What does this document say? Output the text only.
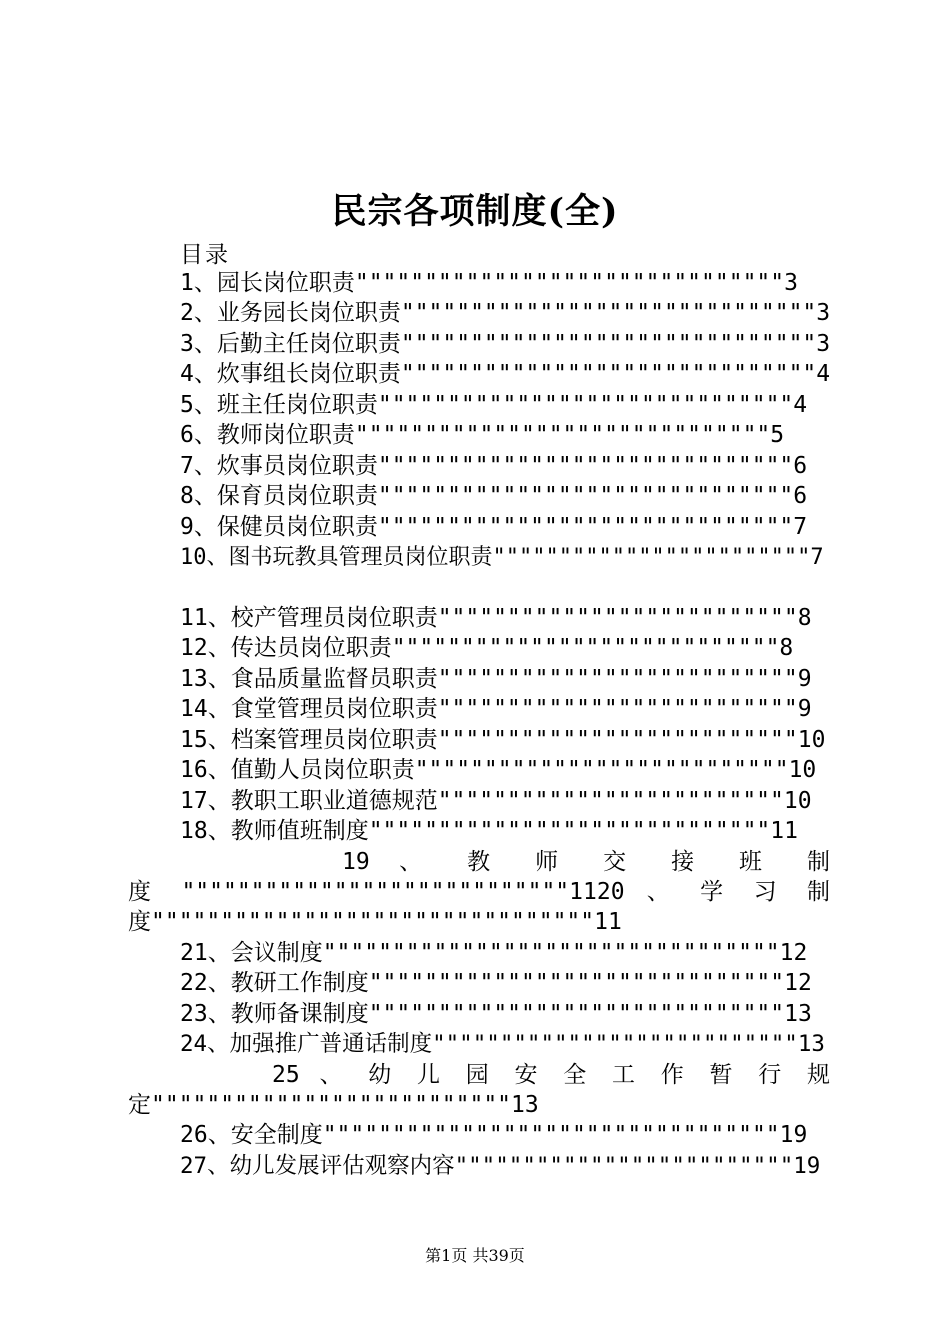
民宗各项制度(全)
目录
1、园长岗位职责"""""""""""""""""""""""""""""""3
2、业务园长岗位职责""""""""""""""""""""""""""""""3
3、后勤主任岗位职责""""""""""""""""""""""""""""""3
4、炊事组长岗位职责""""""""""""""""""""""""""""""4
5、班主任岗位职责""""""""""""""""""""""""""""""4
6、教师岗位职责""""""""""""""""""""""""""""""5
7、炊事员岗位职责""""""""""""""""""""""""""""""6
8、保育员岗位职责""""""""""""""""""""""""""""""6
9、保健员岗位职责""""""""""""""""""""""""""""""7
10、图书玩教具管理员岗位职责""""""""""""""""""""""""7
11、校产管理员岗位职责""""""""""""""""""""""""""8
12、传达员岗位职责""""""""""""""""""""""""""""8
13、食品质量监督员职责""""""""""""""""""""""""""9
14、食堂管理员岗位职责""""""""""""""""""""""""""9
15、档案管理员岗位职责""""""""""""""""""""""""""10
16、值勤人员岗位职责"""""""""""""""""""""""""""10
17、教职工职业道德规范"""""""""""""""""""""""""10
18、教师值班制度"""""""""""""""""""""""""""""11
19 、 教 师 交 接 班 制
度 """"""""""""""""""""""""""""1120 、 学 习 制
度""""""""""""""""""""""""""""""""11
21、会议制度"""""""""""""""""""""""""""""""""12
22、教研工作制度""""""""""""""""""""""""""""""12
23、教师备课制度""""""""""""""""""""""""""""""13
24、加强推广普通话制度"""""""""""""""""""""""""""13
25 、 幼 儿 园 安 全 工 作 暂 行 规
定""""""""""""""""""""""""""13
26、安全制度"""""""""""""""""""""""""""""""""19
27、幼儿发展评估观察内容"""""""""""""""""""""""""19
第1页 共39页
